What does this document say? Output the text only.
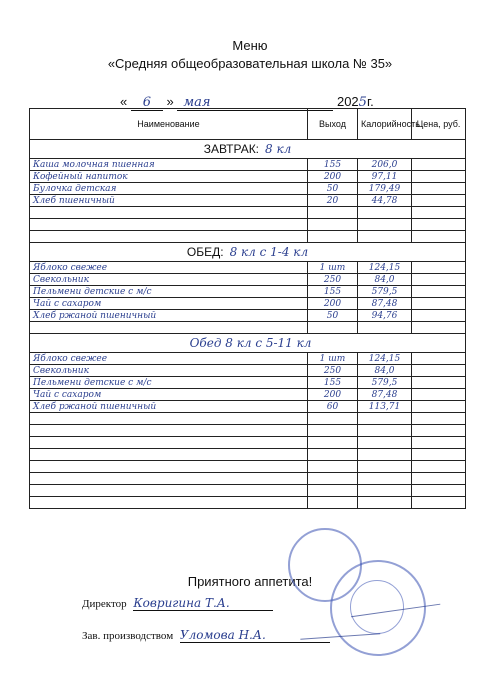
Меню
«Средняя общеобразовательная школа № 35»
« 6 » мая	2025г.
Наименование	Выход	Калорийность	Цена, руб.
ЗАВТРАК: 8 кл			
Каша молочная пшенная	155	206,0	
Кофейный напиток	200	97,11	
Булочка детская	50	179,49	
Хлеб пшеничный	20	44,78	

ОБЕД: 8 кл с 1-4 кл			
Яблоко свежее	1 шт	124,15	
Свекольник	250	84,0	
Пельмени детские с м/с	155	579,5	
Чай с сахаром	200	87,48	
Хлеб ржаной пшеничный	50	94,76	

Обед 8 кл с 5-11 кл			
Яблоко свежее	1 шт	124,15	
Свекольник	250	84,0	
Пельмени детские с м/с	155	579,5	
Чай с сахаром	200	87,48	
Хлеб ржаной пшеничный	60	113,71	

Приятного аппетита!
Директор Ковригина Т.А.
Зав. производством Уломова Н.А.
